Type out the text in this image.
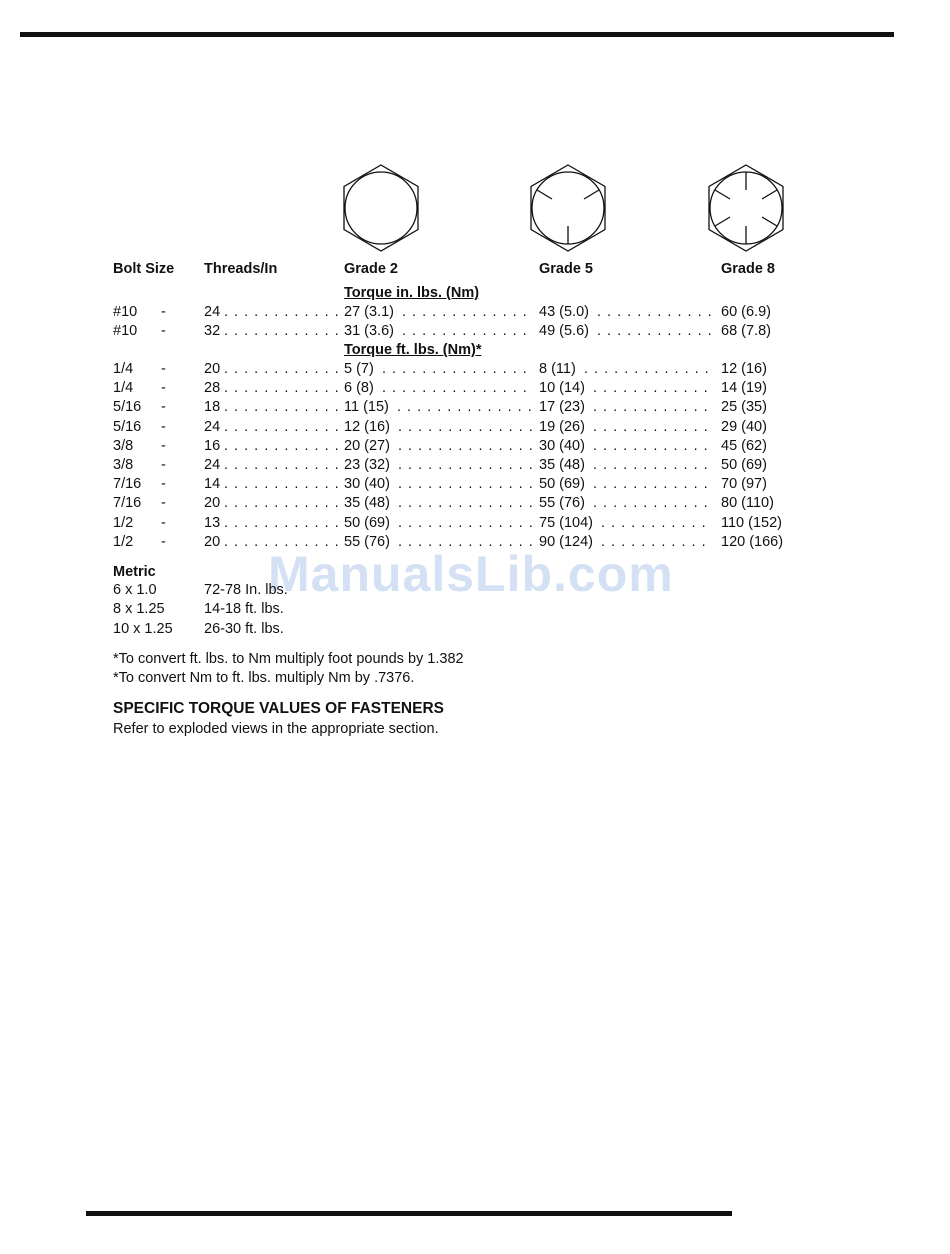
Bolt Size Threads/In	Grade 2	Grade 5	Grade 8
Torque in. lbs. (Nm)
#10 -	24	27 (3.1)	43 (5.0)	60 (6.9)
. . .
. . .
. . .
#10 -	32	31 (3.6)	49 (5.6)	68 (7.8)
. . .
. . .
. . .
Torque ft. lbs. (Nm)*
1/4 -	20	5 (7)	8 (11)	12 (16)
. . .
. . .
. . .
1/4 -	28	6 (8)	10 (14)	14 (19)
. . .
. . .
. . .
5/16 -	18	11 (15)	17 (23)	25 (35)
. . .
. . .
. . .
5/16 -	24	12 (16)	19 (26)	29 (40)
. . .
. . .
. . .
3/8 -	16	20 (27)	30 (40)	45 (62)
. . .
. . .
. . .
3/8 -	24	23 (32)	35 (48)	50 (69)
. . .
. . .
. . .
7/16 -	14	30 (40)	50 (69)	70 (97)
. . .
. . .
. . .
7/16 -	20	35 (48)	55 (76)	80 (110)
. . .
. . .
. . .
1/2 -	13	50 (69)	75 (104)	110 (152)
. . .
. . .
. . .
1/2 -	20	55 (76)	90 (124)	120 (166)
. . .
. . .
. . .
ManualsLib.com
Metric
6 x 1.0	72-78 In. lbs.
8 x 1.25	14-18 ft. lbs.
10 x 1.25 26-30 ft. lbs.
*To convert ft. lbs. to Nm multiply foot pounds by 1.382
*To convert Nm to ft. lbs. multiply Nm by .7376.
SPECIFIC TORQUE VALUES OF FASTENERS
Refer to exploded views in the appropriate section.
